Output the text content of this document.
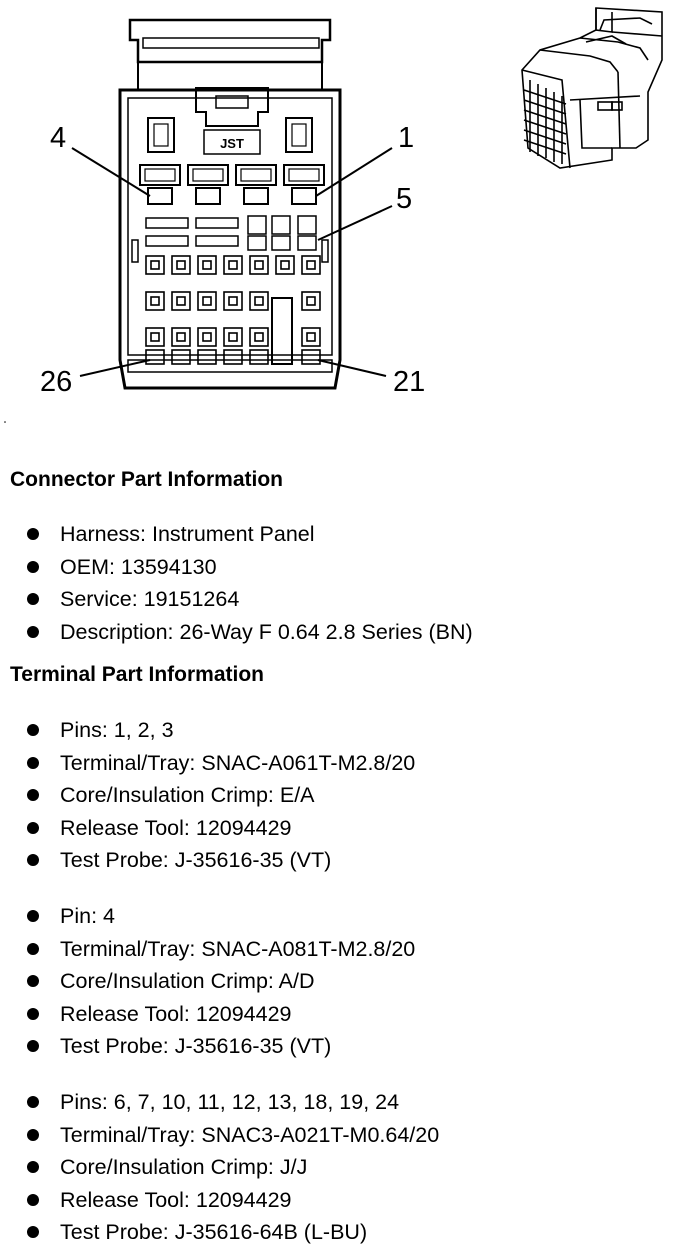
JST
4	1
5
26	21
Connector Part Information
Harness: Instrument Panel
OEM: 13594130
Service: 19151264
Description: 26-Way F 0.64 2.8 Series (BN)
Terminal Part Information
Pins: 1, 2, 3
Terminal/Tray: SNAC-A061T-M2.8/20
Core/Insulation Crimp: E/A
Release Tool: 12094429
Test Probe: J-35616-35 (VT)
Pin: 4
Terminal/Tray: SNAC-A081T-M2.8/20
Core/Insulation Crimp: A/D
Release Tool: 12094429
Test Probe: J-35616-35 (VT)
Pins: 6, 7, 10, 11, 12, 13, 18, 19, 24
Terminal/Tray: SNAC3-A021T-M0.64/20
Core/Insulation Crimp: J/J
Release Tool: 12094429
Test Probe: J-35616-64B (L-BU)
